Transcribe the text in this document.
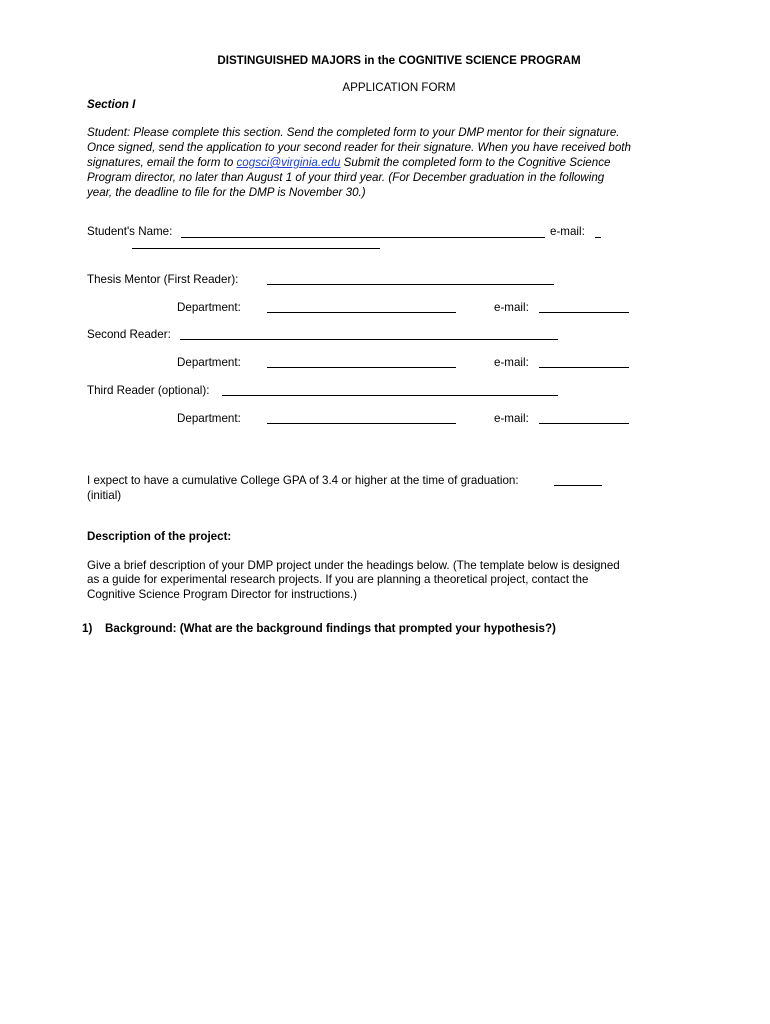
DISTINGUISHED MAJORS in the COGNITIVE SCIENCE PROGRAM
APPLICATION FORM
Section I
Student: Please complete this section. Send the completed form to your DMP mentor for their signature.
Once signed, send the application to your second reader for their signature. When you have received both
signatures, email the form to cogsci@virginia.edu Submit the completed form to the Cognitive Science
Program director, no later than August 1 of your third year. (For December graduation in the following
year, the deadline to file for the DMP is November 30.)
Student's Name:	e-mail:
Thesis Mentor (First Reader):
Department:	e-mail:
Second Reader:
Department:	e-mail:
Third Reader (optional):
Department:	e-mail:
I expect to have a cumulative College GPA of 3.4 or higher at the time of graduation:
(initial)
Description of the project:
Give a brief description of your DMP project under the headings below. (The template below is designed
as a guide for experimental research projects. If you are planning a theoretical project, contact the
Cognitive Science Program Director for instructions.)
1) Background: (What are the background findings that prompted your hypothesis?)
